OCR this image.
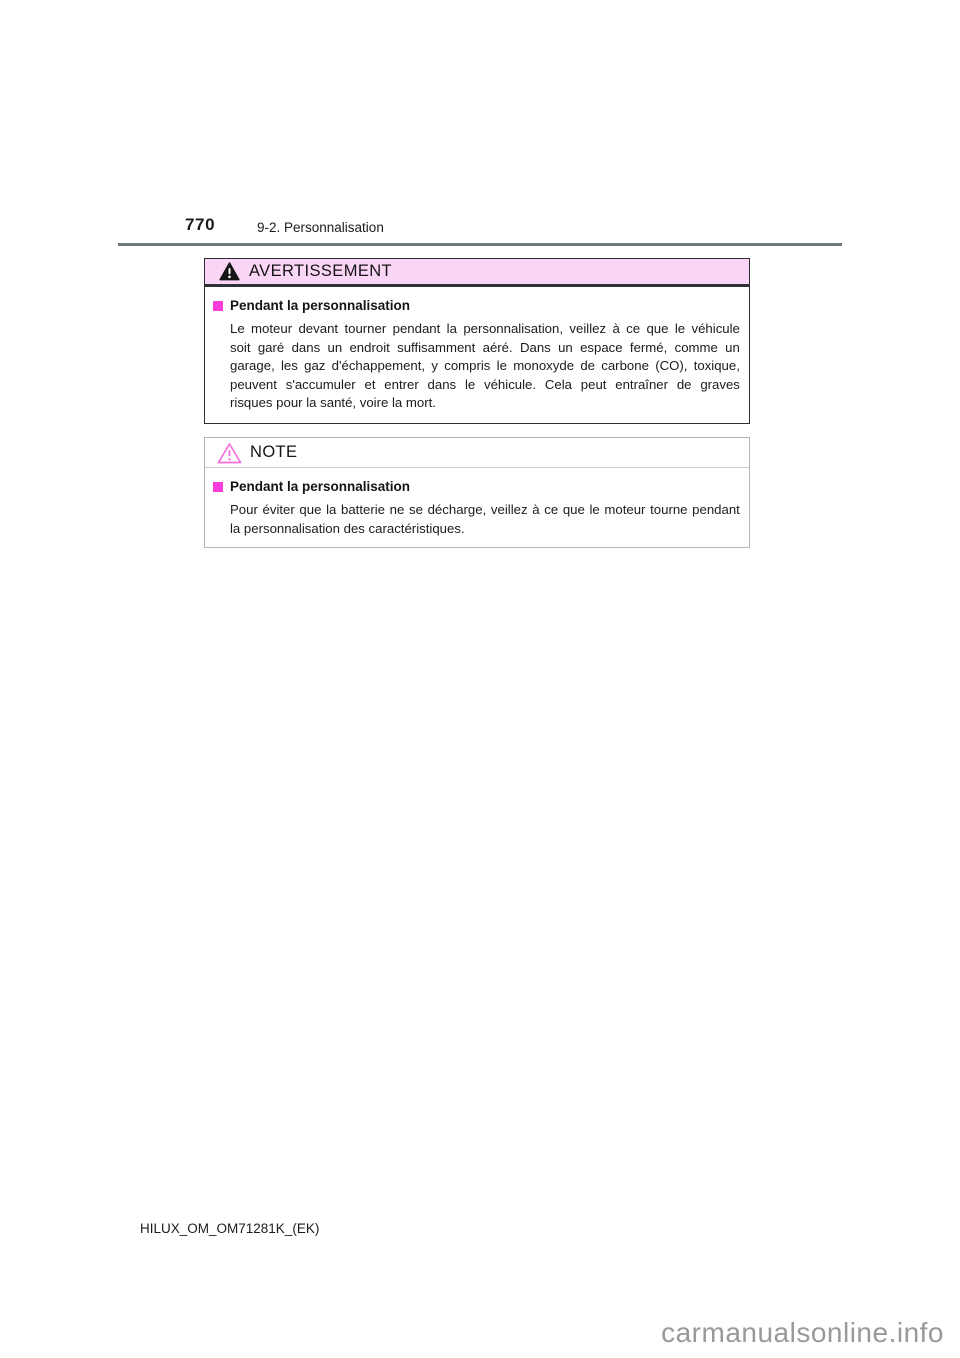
770	9-2. Personnalisation
AVERTISSEMENT
Pendant la personnalisation
Le moteur devant tourner pendant la personnalisation, veillez à ce que le véhicule
soit garé dans un endroit suffisamment aéré. Dans un espace fermé, comme un
garage, les gaz d'échappement, y compris le monoxyde de carbone (CO), toxique,
peuvent s'accumuler et entrer dans le véhicule. Cela peut entraîner de graves
risques pour la santé, voire la mort.
NOTE
Pendant la personnalisation
Pour éviter que la batterie ne se décharge, veillez à ce que le moteur tourne pendant
la personnalisation des caractéristiques.
HILUX_OM_OM71281K_(EK)
carmanualsonline.info
